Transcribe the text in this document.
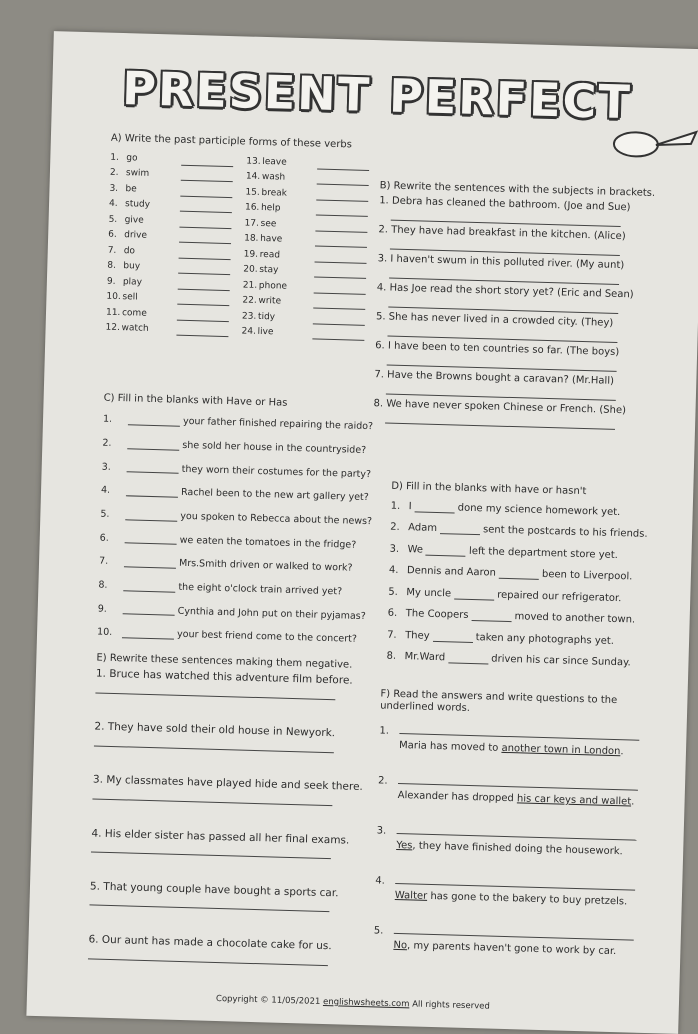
PRESENT PERFECT
A) Write the past participle forms of these verbs
1. go
2. swim
3. be
4. study
5. give
6. drive
7. do
8. buy
9. play
10. sell
11. come
12. watch
13. leave
14. wash
15. break
16. help
17. see
18. have
19. read
20. stay
21. phone
22. write
23. tidy
24. live
B) Rewrite the sentences with the subjects in brackets.
1. Debra has cleaned the bathroom. (Joe and Sue)
2. They have had breakfast in the kitchen. (Alice)
3. I haven't swum in this polluted river. (My aunt)
4. Has Joe read the short story yet? (Eric and Sean)
5. She has never lived in a crowded city. (They)
6. I have been to ten countries so far. (The boys)
7. Have the Browns bought a caravan? (Mr.Hall)
8. We have never spoken Chinese or French. (She)
C) Fill in the blanks with Have or Has
1.	your father finished repairing the raido?
2.	she sold her house in the countryside?
3.	they worn their costumes for the party?
4.	Rachel been to the new art gallery yet?
5.	you spoken to Rebecca about the news?
6.	we eaten the tomatoes in the fridge?
7.	Mrs.Smith driven or walked to work?
8.	the eight o'clock train arrived yet?
9.	Cynthia and John put on their pyjamas?
10.	your best friend come to the concert?
D) Fill in the blanks with have or hasn't
1. I	done my science homework yet.
2. Adam	sent the postcards to his friends.
3. We	left the department store yet.
4. Dennis and Aaron	been to Liverpool.
5. My uncle	repaired our refrigerator.
6. The Coopers	moved to another town.
7. They	taken any photographs yet.
8. Mr.Ward	driven his car since Sunday.
E) Rewrite these sentences making them negative.
1. Bruce has watched this adventure film before.
2. They have sold their old house in Newyork.
3. My classmates have played hide and seek there.
4. His elder sister has passed all her final exams.
5. That young couple have bought a sports car.
6. Our aunt has made a chocolate cake for us.
F) Read the answers and write questions to the underlined words.
1.
Maria has moved to another town in London.
2.
Alexander has dropped his car keys and wallet.
3.
Yes, they have finished doing the housework.
4.
Walter has gone to the bakery to buy pretzels.
5.
No, my parents haven't gone to work by car.
Copyright © 11/05/2021 englishwsheets.com All rights reserved
